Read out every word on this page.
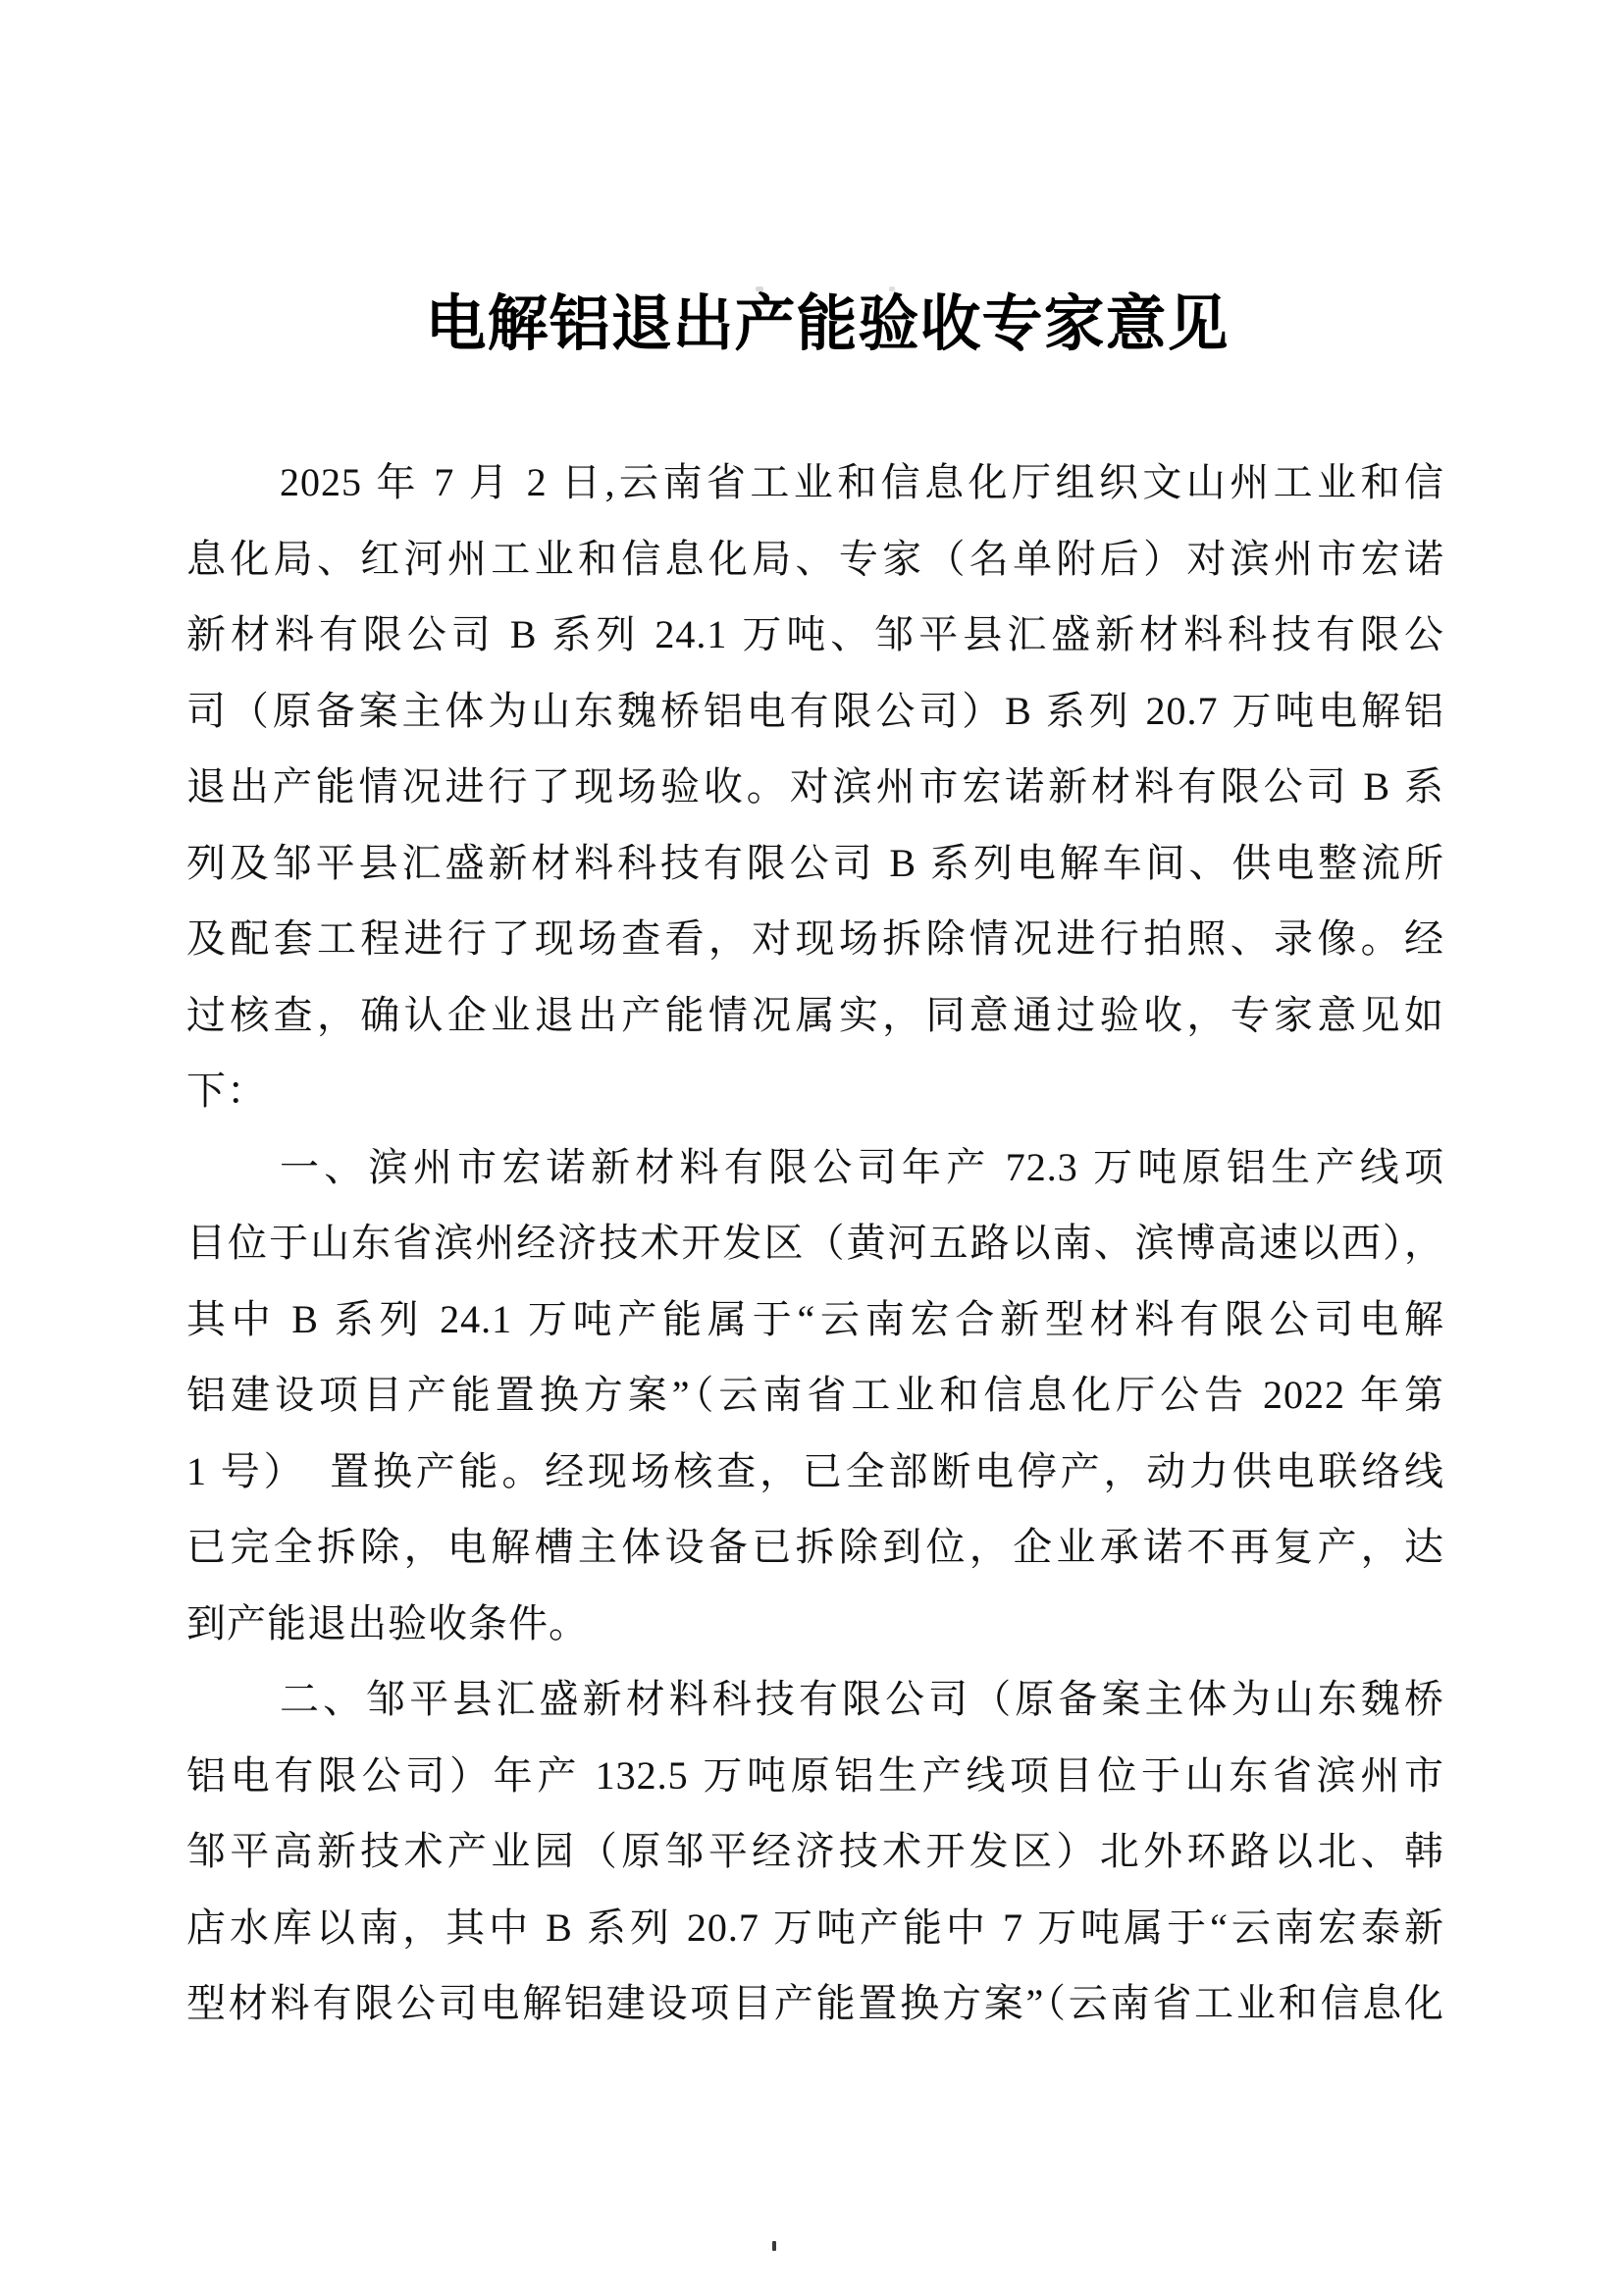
电解铝退出产能验收专家意见
2025 年 7 月 2 日,云南省工业和信息化厅组织文山州工业和信
息化局、红河州工业和信息化局、专家（名单附后）对滨州市宏诺
新材料有限公司 B 系列 24.1 万吨、邹平县汇盛新材料科技有限公
司（原备案主体为山东魏桥铝电有限公司）B 系列 20.7 万吨电解铝
退出产能情况进行了现场验收。对滨州市宏诺新材料有限公司 B 系
列及邹平县汇盛新材料科技有限公司 B 系列电解车间、供电整流所
及配套工程进行了现场查看，对现场拆除情况进行拍照、录像。经
过核查，确认企业退出产能情况属实，同意通过验收，专家意见如
下：
一、滨州市宏诺新材料有限公司年产 72.3 万吨原铝生产线项
目位于山东省滨州经济技术开发区（黄河五路以南、滨博高速以西），
其中 B 系列 24.1 万吨产能属于“云南宏合新型材料有限公司电解
铝建设项目产能置换方案”（云南省工业和信息化厅公告 2022 年第
1 号）　置换产能。经现场核查，已全部断电停产，动力供电联络线
已完全拆除，电解槽主体设备已拆除到位，企业承诺不再复产，达
到产能退出验收条件。
二、邹平县汇盛新材料科技有限公司（原备案主体为山东魏桥
铝电有限公司）年产 132.5 万吨原铝生产线项目位于山东省滨州市
邹平高新技术产业园（原邹平经济技术开发区）北外环路以北、韩
店水库以南，其中 B 系列 20.7 万吨产能中 7 万吨属于“云南宏泰新
型材料有限公司电解铝建设项目产能置换方案”（云南省工业和信息化
